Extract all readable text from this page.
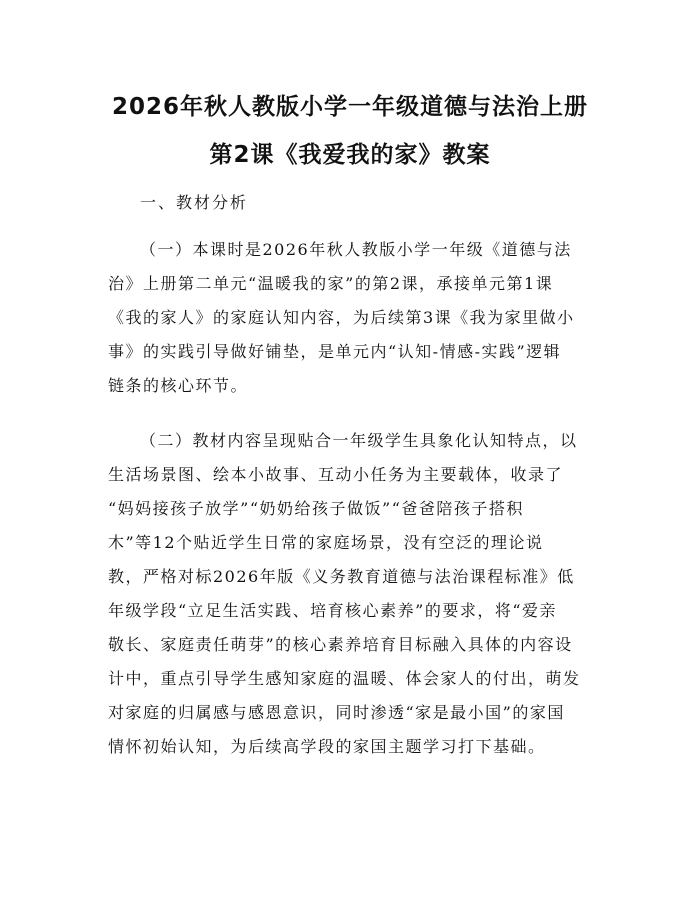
2026年秋人教版小学一年级道德与法治上册
第2课《我爱我的家》教案
一、教材分析
（一）本课时是2026年秋人教版小学一年级《道德与法
治》上册第二单元“温暖我的家”的第2课，承接单元第1课
《我的家人》的家庭认知内容，为后续第3课《我为家里做小
事》的实践引导做好铺垫，是单元内“认知-情感-实践”逻辑
链条的核心环节。
（二）教材内容呈现贴合一年级学生具象化认知特点，以
生活场景图、绘本小故事、互动小任务为主要载体，收录了
“妈妈接孩子放学”“奶奶给孩子做饭”“爸爸陪孩子搭积
木”等12个贴近学生日常的家庭场景，没有空泛的理论说
教，严格对标2026年版《义务教育道德与法治课程标准》低
年级学段“立足生活实践、培育核心素养”的要求，将“爱亲
敬长、家庭责任萌芽”的核心素养培育目标融入具体的内容设
计中，重点引导学生感知家庭的温暖、体会家人的付出，萌发
对家庭的归属感与感恩意识，同时渗透“家是最小国”的家国
情怀初始认知，为后续高学段的家国主题学习打下基础。
